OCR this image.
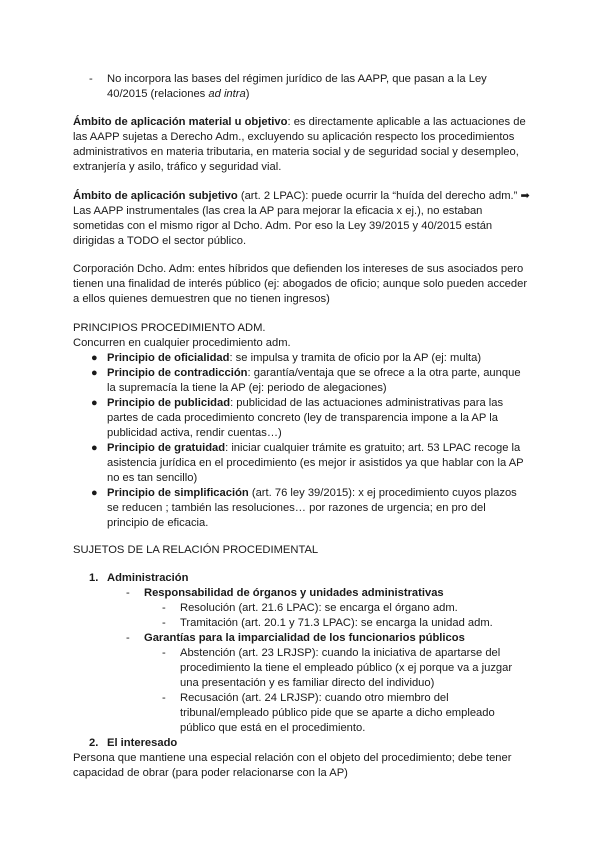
- No incorpora las bases del régimen jurídico de las AAPP, que pasan a la Ley
40/2015 (relaciones ad intra)
Ámbito de aplicación material u objetivo: es directamente aplicable a las actuaciones de
las AAPP sujetas a Derecho Adm., excluyendo su aplicación respecto los procedimientos
administrativos en materia tributaria, en materia social y de seguridad social y desempleo,
extranjería y asilo, tráfico y seguridad vial.
Ámbito de aplicación subjetivo (art. 2 LPAC): puede ocurrir la “huída del derecho adm.” ➡
Las AAPP instrumentales (las crea la AP para mejorar la eficacia x ej.), no estaban
sometidas con el mismo rigor al Dcho. Adm. Por eso la Ley 39/2015 y 40/2015 están
dirigidas a TODO el sector público.
Corporación Dcho. Adm: entes híbridos que defienden los intereses de sus asociados pero
tienen una finalidad de interés público (ej: abogados de oficio; aunque solo pueden acceder
a ellos quienes demuestren que no tienen ingresos)
PRINCIPIOS PROCEDIMIENTO ADM.
Concurren en cualquier procedimiento adm.
● Principio de oficialidad: se impulsa y tramita de oficio por la AP (ej: multa)
● Principio de contradicción: garantía/ventaja que se ofrece a la otra parte, aunque
la supremacía la tiene la AP (ej: periodo de alegaciones)
● Principio de publicidad: publicidad de las actuaciones administrativas para las
partes de cada procedimiento concreto (ley de transparencia impone a la AP la
publicidad activa, rendir cuentas…)
● Principio de gratuidad: iniciar cualquier trámite es gratuito; art. 53 LPAC recoge la
asistencia jurídica en el procedimiento (es mejor ir asistidos ya que hablar con la AP
no es tan sencillo)
● Principio de simplificación (art. 76 ley 39/2015): x ej procedimiento cuyos plazos
se reducen ; también las resoluciones… por razones de urgencia; en pro del
principio de eficacia.
SUJETOS DE LA RELACIÓN PROCEDIMENTAL
1. Administración
- Responsabilidad de órganos y unidades administrativas
- Resolución (art. 21.6 LPAC): se encarga el órgano adm.
- Tramitación (art. 20.1 y 71.3 LPAC): se encarga la unidad adm.
- Garantías para la imparcialidad de los funcionarios públicos
- Abstención (art. 23 LRJSP): cuando la iniciativa de apartarse del
procedimiento la tiene el empleado público (x ej porque va a juzgar
una presentación y es familiar directo del individuo)
- Recusación (art. 24 LRJSP): cuando otro miembro del
tribunal/empleado público pide que se aparte a dicho empleado
público que está en el procedimiento.
2. El interesado
Persona que mantiene una especial relación con el objeto del procedimiento; debe tener
capacidad de obrar (para poder relacionarse con la AP)
